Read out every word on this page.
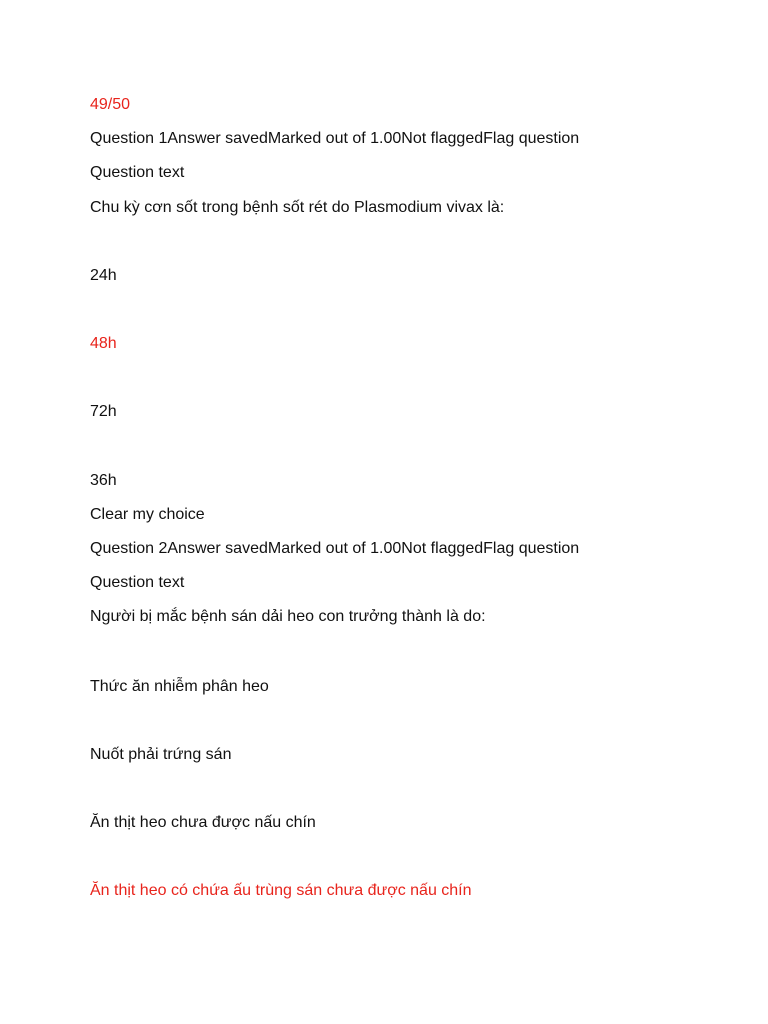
49/50
Question 1Answer savedMarked out of 1.00Not flaggedFlag question
Question text
Chu kỳ cơn sốt trong bệnh sốt rét do Plasmodium vivax là:
24h
48h
72h
36h
Clear my choice
Question 2Answer savedMarked out of 1.00Not flaggedFlag question
Question text
Người bị mắc bệnh sán dải heo con trưởng thành là do:
Thức ăn nhiễm phân heo
Nuốt phải trứng sán
Ăn thịt heo chưa được nấu chín
Ăn thịt heo có chứa ấu trùng sán chưa được nấu chín
